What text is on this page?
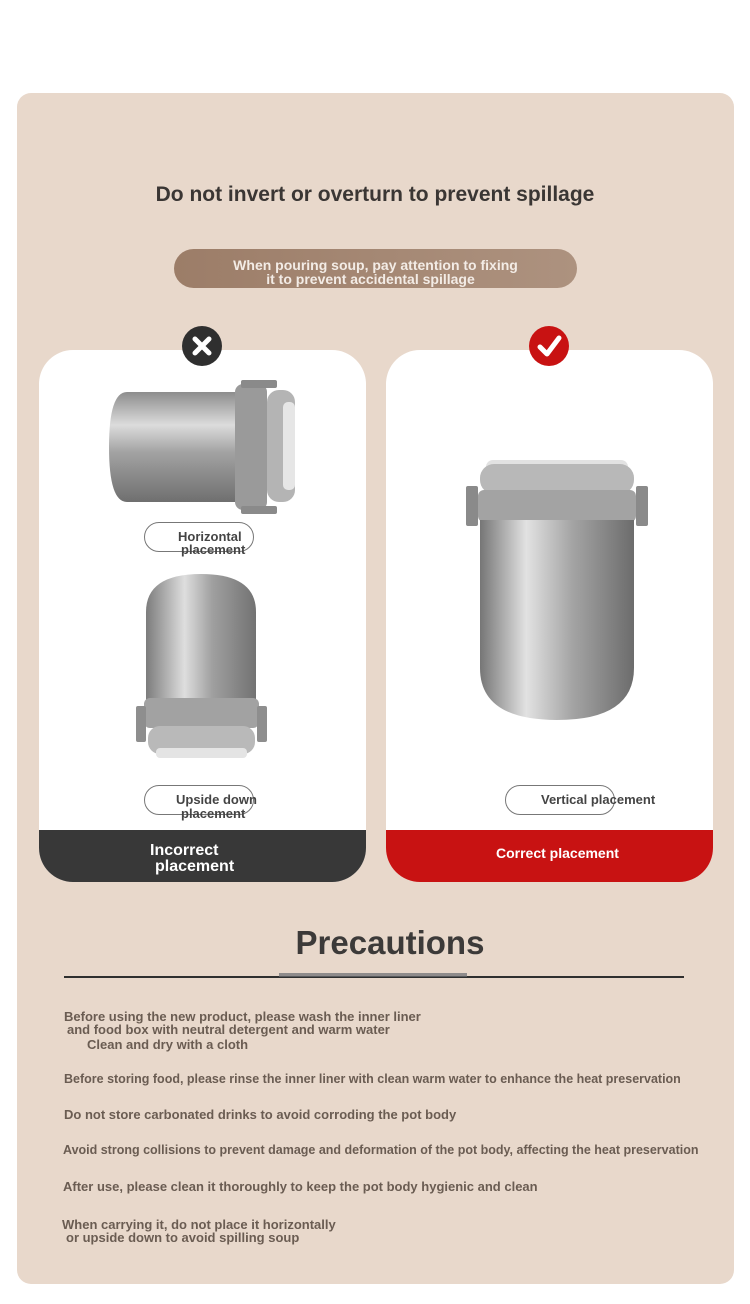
Do not invert or overturn to prevent spillage
When pouring soup, pay attention to fixing
it to prevent accidental spillage
Horizontal
placement
Upside down
placement
Incorrect
placement
Vertical placement
Correct placement
Precautions
Before using the new product, please wash the inner liner
and food box with neutral detergent and warm water
Clean and dry with a cloth
Before storing food, please rinse the inner liner with clean warm water to enhance the heat preservation
Do not store carbonated drinks to avoid corroding the pot body
Avoid strong collisions to prevent damage and deformation of the pot body, affecting the heat preservation
After use, please clean it thoroughly to keep the pot body hygienic and clean
When carrying it, do not place it horizontally
or upside down to avoid spilling soup
